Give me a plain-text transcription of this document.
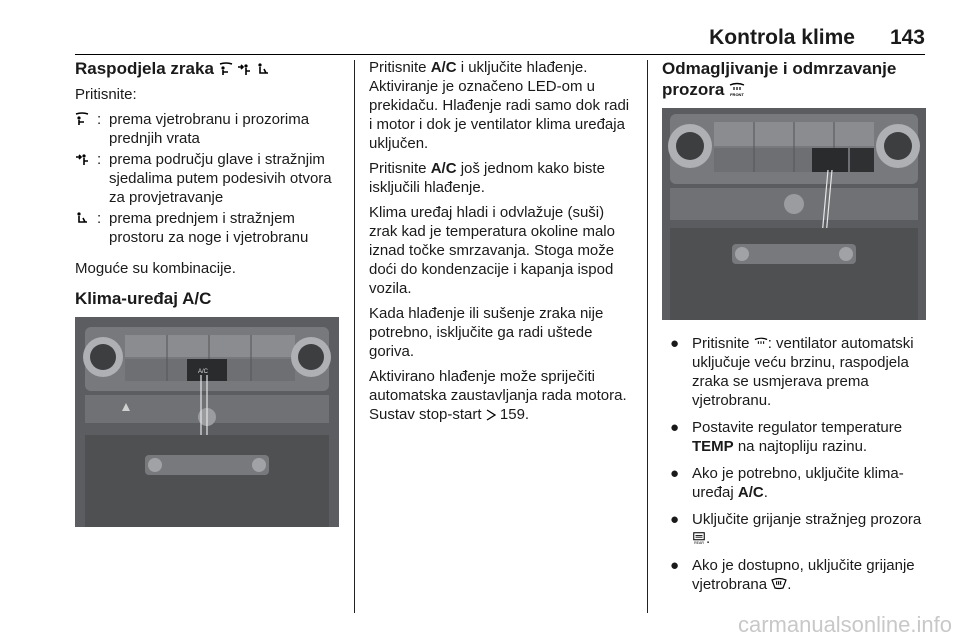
Kontrola klime 143
Raspodjela zraka

Pritisnite:

: prema vjetrobranu i prozorima prednjih vrata
: prema području glave i stražnjim sjedalima putem podesivih otvora za provjetravanje
: prema prednjem i stražnjem prostoru za noge i vjetrobranu

Moguće su kombinacije.

Klima-uređaj A/C
A/C

Pritisnite A/C i uključite hlađenje. Aktiviranje je označeno LED-om u prekidaču. Hlađenje radi samo dok radi i motor i dok je ventilator klima uređaja uključen.

Pritisnite A/C još jednom kako biste isključili hlađenje.

Klima uređaj hladi i odvlažuje (suši) zrak kad je temperatura okoline malo iznad točke smrzavanja. Stoga može doći do kondenzacije i kapanja ispod vozila.

Kada hlađenje ili sušenje zraka nije potrebno, isključite ga radi uštede goriva.

Aktivirano hlađenje može spriječiti automatska zaustavljanja rada motora. Sustav stop-start  159.

Odmagljivanje i odmrzavanje prozora FRONT
● Pritisnite : ventilator automatski uključuje veću brzinu, raspodjela zraka se usmjerava prema vjetrobranu.
● Postavite regulator temperature TEMP na najtopliju razinu.
● Ako je potrebno, uključite klima-uređaj A/C.
● Uključite grijanje stražnjeg prozora
REAR .
● Ako je dostupno, uključite grijanje vjetrobrana .
carmanualsonline.info
